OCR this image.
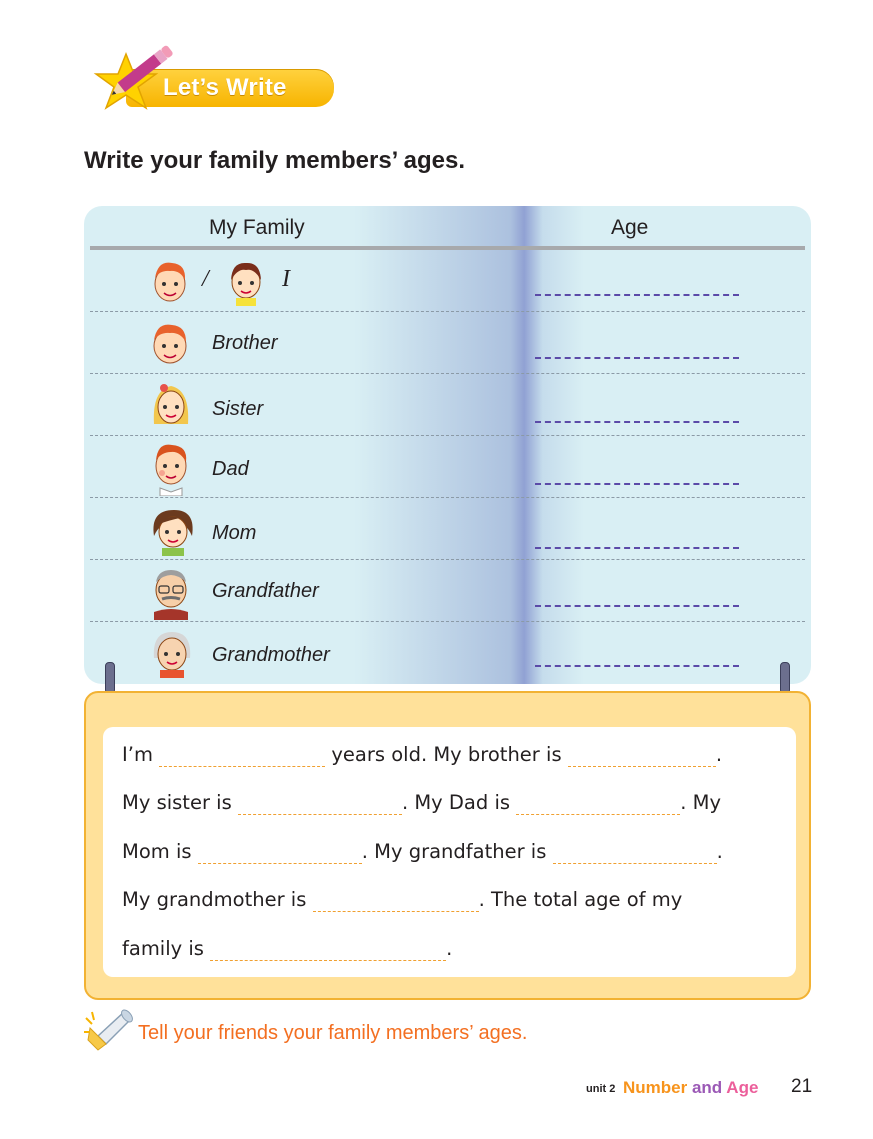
Let’s Write
Write your family members’ ages.
My Family	Age
/	I
Brother
Sister
Dad
Mom
Grandfather
Grandmother
I’m	years old. My brother is	.
My sister is	. My Dad is	. My
Mom is	. My grandfather is	.
My grandmother is	. The total age of my
family is	.

Tell your friends your family members’ ages.

unit 2 Number and Age 21
